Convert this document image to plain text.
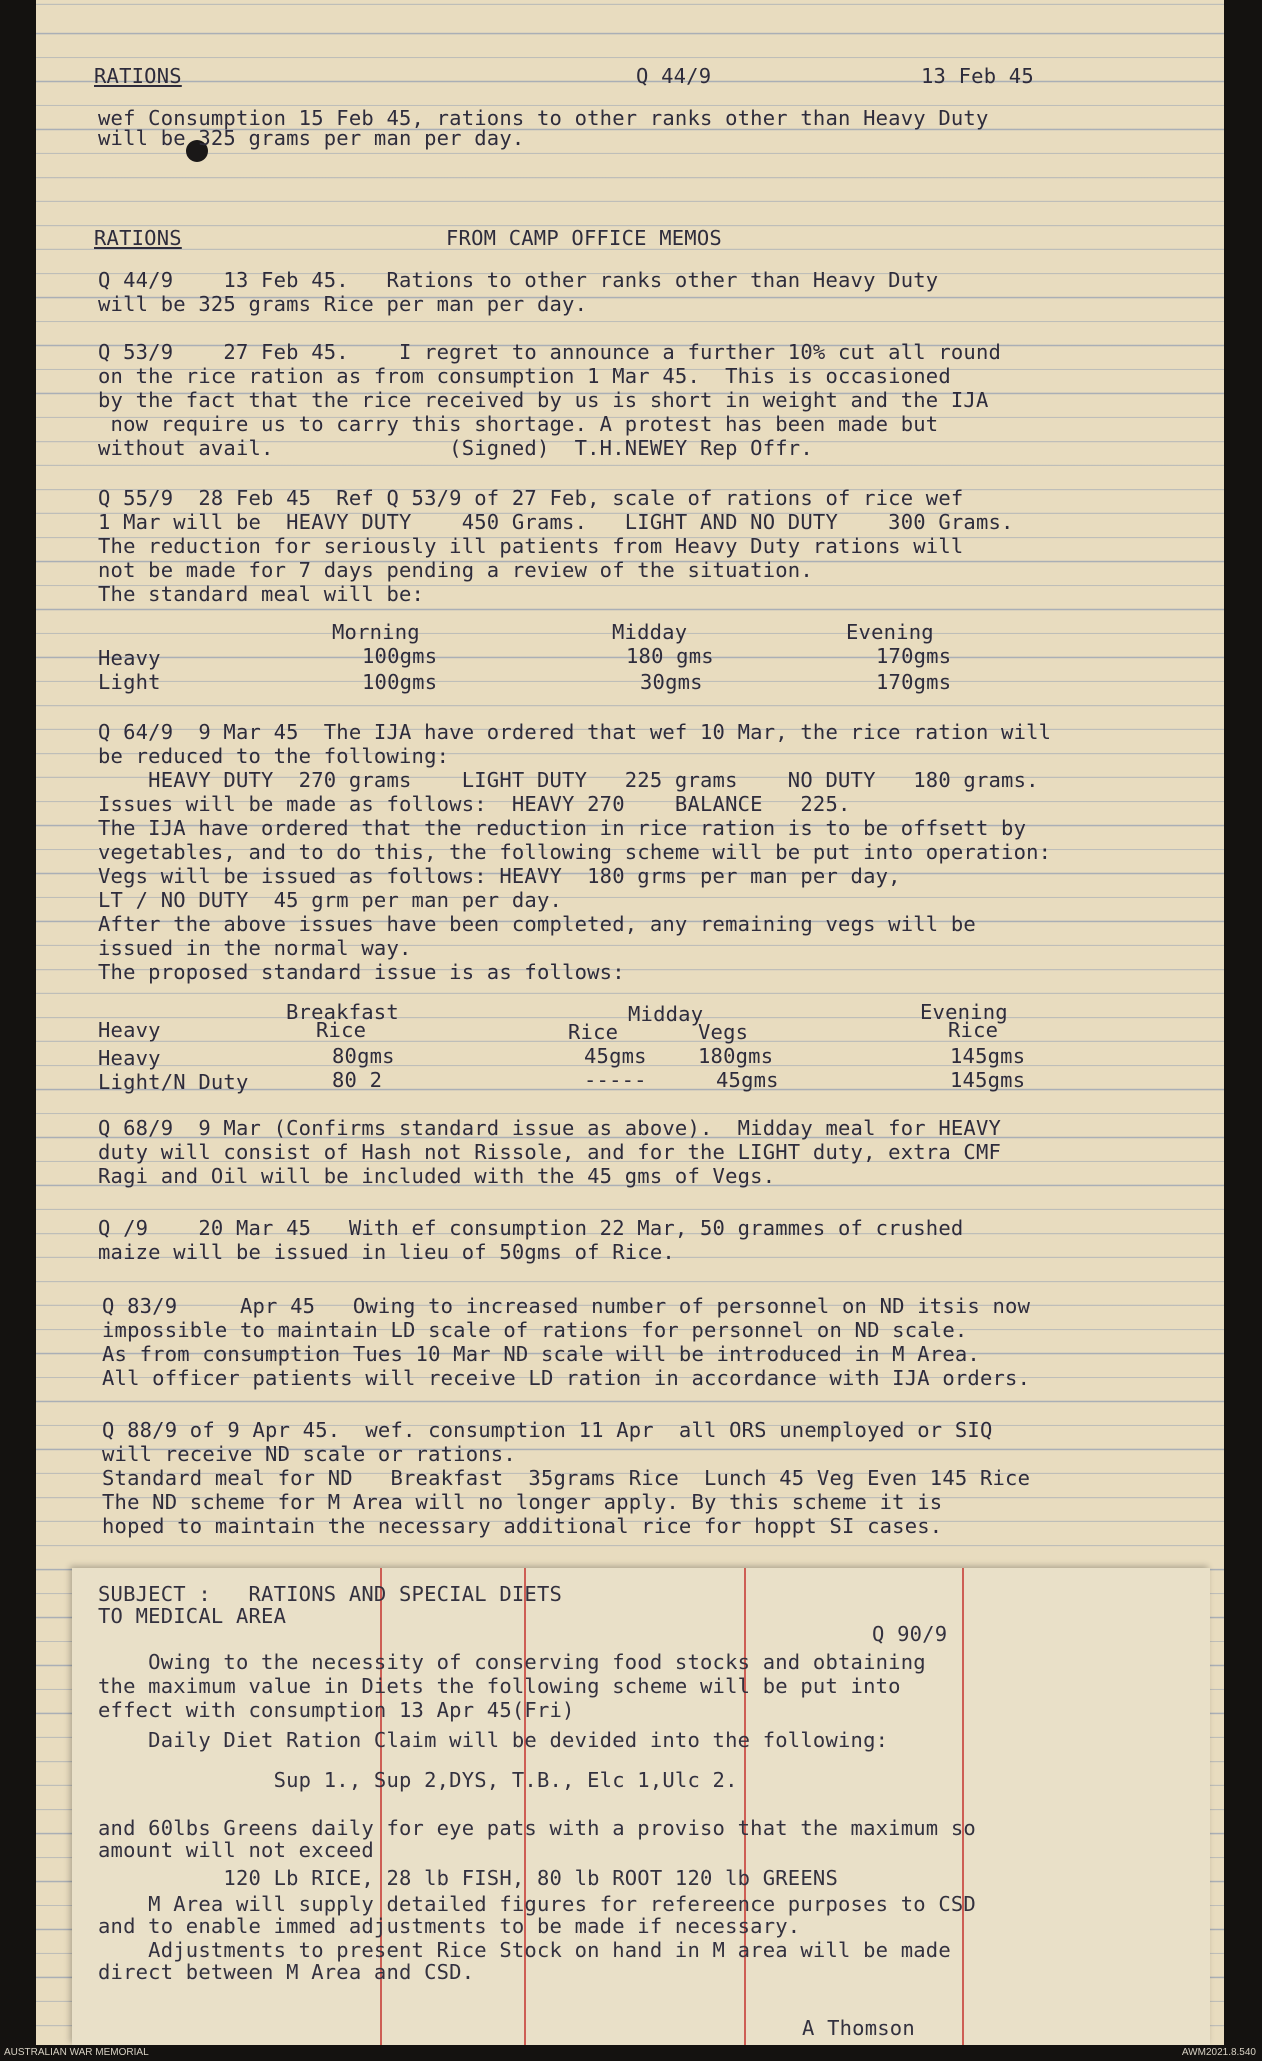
RATIONS	Q 44/9	13 Feb 45
wef Consumption 15 Feb 45, rations to other ranks other than Heavy Duty
will be 325 grams per man per day.
RATIONS	FROM CAMP OFFICE MEMOS
Q 44/9    13 Feb 45.   Rations to other ranks other than Heavy Duty
will be 325 grams Rice per man per day.
Q 53/9    27 Feb 45.    I regret to announce a further 10% cut all round
on the rice ration as from consumption 1 Mar 45.  This is occasioned
by the fact that the rice received by us is short in weight and the IJA
now require us to carry this shortage. A protest has been made but
without avail.              (Signed)  T.H.NEWEY Rep Offr.
Q 55/9  28 Feb 45  Ref Q 53/9 of 27 Feb, scale of rations of rice wef
1 Mar will be  HEAVY DUTY    450 Grams.   LIGHT AND NO DUTY    300 Grams.
The reduction for seriously ill patients from Heavy Duty rations will
not be made for 7 days pending a review of the situation.
The standard meal will be:
Morning	Midday	Evening
Heavy	100gms	180 gms	170gms
Light	100gms	30gms	170gms
Q 64/9  9 Mar 45  The IJA have ordered that wef 10 Mar, the rice ration will
be reduced to the following:
HEAVY DUTY  270 grams    LIGHT DUTY   225 grams    NO DUTY   180 grams.
Issues will be made as follows:  HEAVY 270    BALANCE   225.
The IJA have ordered that the reduction in rice ration is to be offsett by
vegetables, and to do this, the following scheme will be put into operation:
Vegs will be issued as follows: HEAVY  180 grms per man per day,
LT / NO DUTY  45 grm per man per day.
After the above issues have been completed, any remaining vegs will be
issued in the normal way.
The proposed standard issue is as follows:
Breakfast	Midday	Evening
Heavy	Rice	Rice	Vegs	Rice
Heavy	80gms	45gms	180gms	145gms
Light/N Duty	80 2	-----	45gms	145gms
Q 68/9  9 Mar (Confirms standard issue as above).  Midday meal for HEAVY
duty will consist of Hash not Rissole, and for the LIGHT duty, extra CMF
Ragi and Oil will be included with the 45 gms of Vegs.
Q /9    20 Mar 45   With ef consumption 22 Mar, 50 grammes of crushed
maize will be issued in lieu of 50gms of Rice.
Q 83/9     Apr 45   Owing to increased number of personnel on ND itsis now
impossible to maintain LD scale of rations for personnel on ND scale.
As from consumption Tues 10 Mar ND scale will be introduced in M Area.
All officer patients will receive LD ration in accordance with IJA orders.
Q 88/9 of 9 Apr 45.  wef. consumption 11 Apr  all ORS unemployed or SIQ
will receive ND scale or rations.
Standard meal for ND   Breakfast  35grams Rice  Lunch 45 Veg Even 145 Rice
The ND scheme for M Area will no longer apply. By this scheme it is
hoped to maintain the necessary additional rice for hoppt SI cases.
SUBJECT :   RATIONS AND SPECIAL DIETS
TO MEDICAL AREA
Q 90/9
Owing to the necessity of conserving food stocks and obtaining
the maximum value in Diets the following scheme will be put into
effect with consumption 13 Apr 45(Fri)
Daily Diet Ration Claim will be devided into the following:
Sup 1., Sup 2,DYS, T.B., Elc 1,Ulc 2.
and 60lbs Greens daily for eye pats with a proviso that the maximum so
amount will not exceed
120 Lb RICE, 28 lb FISH, 80 lb ROOT 120 lb GREENS
M Area will supply detailed figures for refereence purposes to CSD
and to enable immed adjustments to be made if necessary.
Adjustments to present Rice Stock on hand in M area will be made
direct between M Area and CSD.
A Thomson
AUSTRALIAN WAR MEMORIAL	AWM2021.8.540
